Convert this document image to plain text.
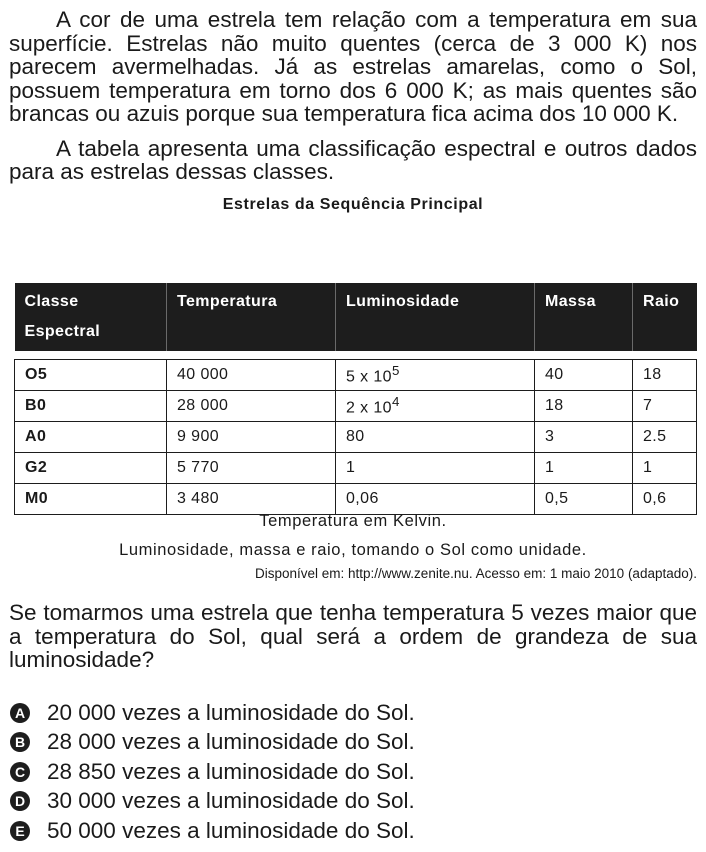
A cor de uma estrela tem relação com a temperatura em sua superfície. Estrelas não muito quentes (cerca de 3 000 K) nos parecem avermelhadas. Já as estrelas amarelas, como o Sol, possuem temperatura em torno dos 6 000 K; as mais quentes são brancas ou azuis porque sua temperatura fica acima dos 10 000 K.

A tabela apresenta uma classificação espectral e outros dados para as estrelas dessas classes.

Estrelas da Sequência Principal
Classe
Espectral	Temperatura	Luminosidade	Massa	Raio

O5	40 000	5 x $10^5$	40	18
B0	28 000	2 x $10^4$	18	7
A0	9 900	80	3	2.5
G2	5 770	1	1	1
M0	3 480	0,06	0,5	0,6
Temperatura em Kelvin.
Luminosidade, massa e raio, tomando o Sol como unidade.
Disponível em: http://www.zenite.nu. Acesso em: 1 maio 2010 (adaptado).

Se tomarmos uma estrela que tenha temperatura 5 vezes maior que a temperatura do Sol, qual será a ordem de grandeza de sua luminosidade?

A 20 000 vezes a luminosidade do Sol.
B 28 000 vezes a luminosidade do Sol.
C 28 850 vezes a luminosidade do Sol.
D 30 000 vezes a luminosidade do Sol.
E 50 000 vezes a luminosidade do Sol.
